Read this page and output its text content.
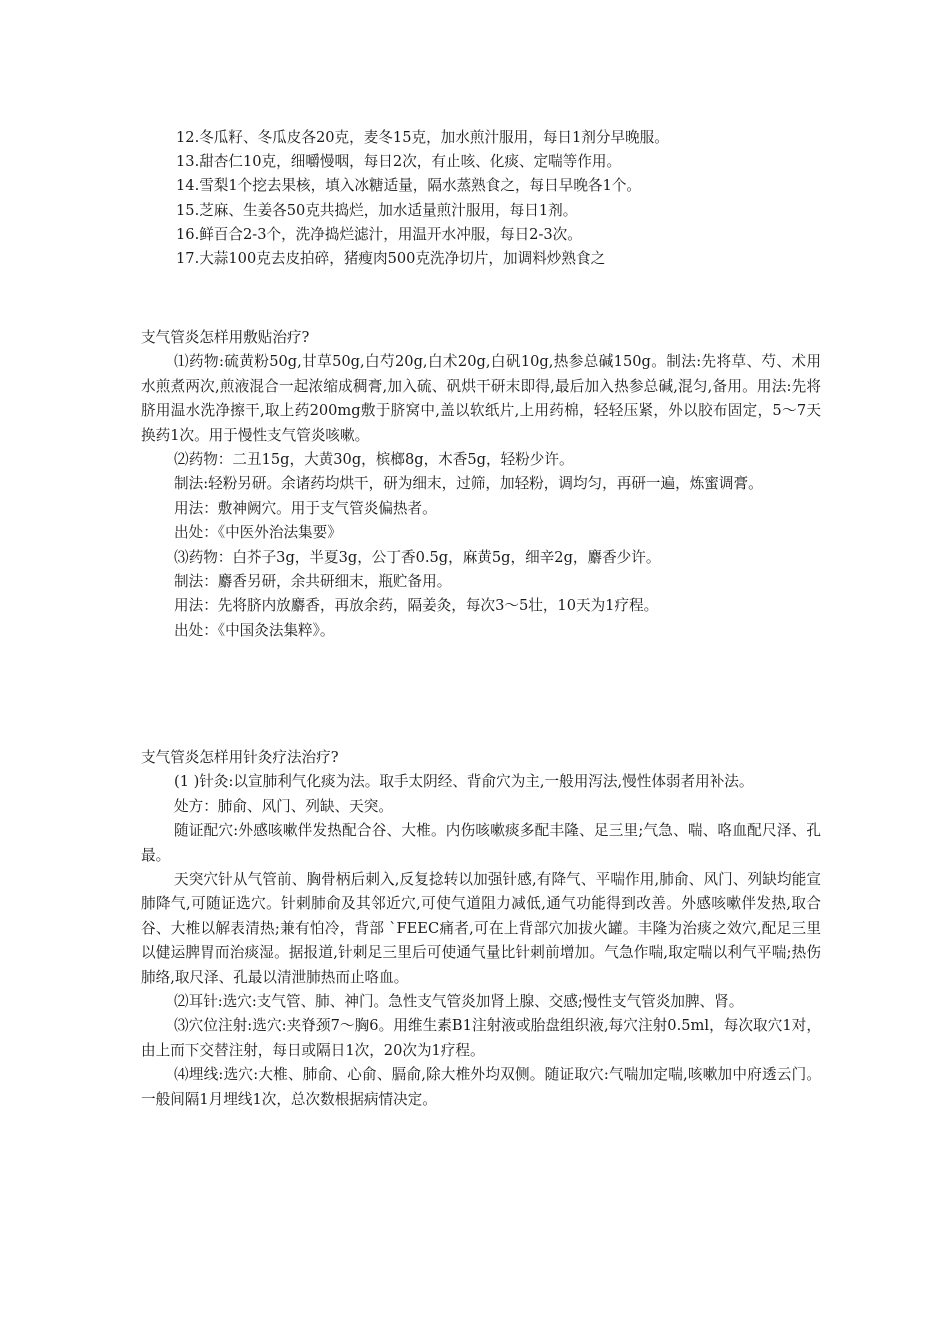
12.冬瓜籽、冬瓜皮各20克，麦冬15克，加水煎汁服用，每日1剂分早晚服。

13.甜杏仁10克，细嚼慢咽，每日2次，有止咳、化痰、定喘等作用。

14.雪梨1个挖去果核，填入冰糖适量，隔水蒸熟食之，每日早晚各1个。

15.芝麻、生姜各50克共捣烂，加水适量煎汁服用，每日1剂。

16.鲜百合2-3个，洗净捣烂滤汁，用温开水冲服，每日2-3次。

17.大蒜100克去皮拍碎，猪瘦肉500克洗净切片，加调料炒熟食之

支气管炎怎样用敷贴治疗?

⑴药物:硫黄粉50g,甘草50g,白芍20g,白术20g,白矾10g,热参总碱150g。制法:先将草、芍、术用水煎煮两次,煎液混合一起浓缩成稠膏,加入硫、矾烘干研末即得,最后加入热参总碱,混匀,备用。用法:先将脐用温水洗净擦干,取上药200mg敷于脐窝中,盖以软纸片,上用药棉，轻轻压紧，外以胶布固定，5～7天换药1次。用于慢性支气管炎咳嗽。

⑵药物：二丑15g，大黄30g，槟榔8g，木香5g，轻粉少许。

制法:轻粉另研。余诸药均烘干，研为细末，过筛，加轻粉，调均匀，再研一遍，炼蜜调膏。

用法：敷神阙穴。用于支气管炎偏热者。

出处：《中医外治法集要》

⑶药物：白芥子3g，半夏3g，公丁香0.5g，麻黄5g，细辛2g，麝香少许。

制法：麝香另研，余共研细末，瓶贮备用。

用法：先将脐内放麝香，再放余药，隔姜灸，每次3～5壮，10天为1疗程。

出处：《中国灸法集粹》。

支气管炎怎样用针灸疗法治疗?

(1 )针灸:以宣肺利气化痰为法。取手太阴经、背俞穴为主,一般用泻法,慢性体弱者用补法。

处方：肺俞、风门、列缺、天突。

随证配穴:外感咳嗽伴发热配合谷、大椎。内伤咳嗽痰多配丰隆、足三里;气急、喘、咯血配尺泽、孔最。

天突穴针从气管前、胸骨柄后刺入,反复捻转以加强针感,有降气、平喘作用,肺俞、风门、列缺均能宣肺降气,可随证选穴。针刺肺俞及其邻近穴,可使气道阻力减低,通气功能得到改善。外感咳嗽伴发热,取合谷、大椎以解表清热;兼有怕冷，背部 `FEEC痛者,可在上背部穴加拔火罐。丰隆为治痰之效穴,配足三里以健运脾胃而治痰湿。据报道,针刺足三里后可使通气量比针刺前增加。气急作喘,取定喘以利气平喘;热伤肺络,取尺泽、孔最以清泄肺热而止咯血。

⑵耳针:选穴:支气管、肺、神门。急性支气管炎加肾上腺、交感;慢性支气管炎加脾、肾。

⑶穴位注射:选穴:夹脊颈7～胸6。用维生素B1注射液或胎盘组织液,每穴注射0.5ml，每次取穴1对，由上而下交替注射，每日或隔日1次，20次为1疗程。

⑷埋线:选穴:大椎、肺俞、心俞、膈俞,除大椎外均双侧。随证取穴:气喘加定喘,咳嗽加中府透云门。一般间隔1月埋线1次，总次数根据病情决定。
